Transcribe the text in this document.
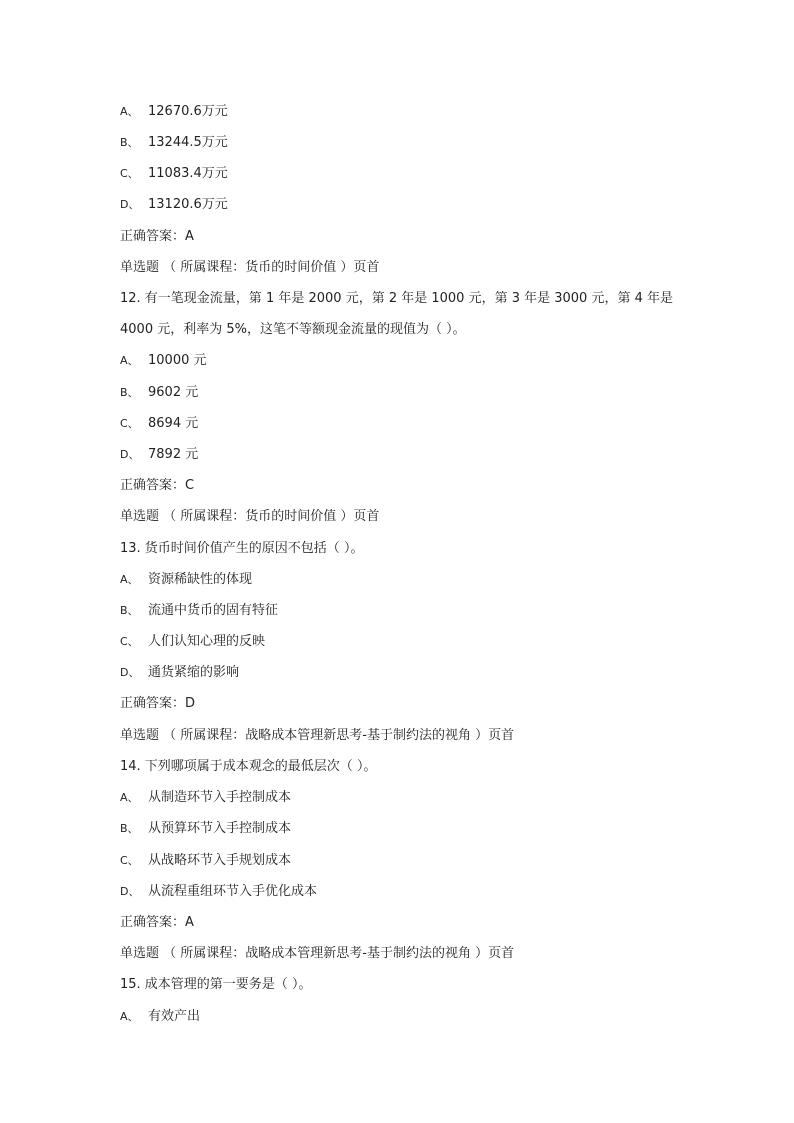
A、 12670.6万元
B、 13244.5万元
C、 11083.4万元
D、 13120.6万元
正确答案：A
单选题 （ 所属课程：货币的时间价值 ）页首
12. 有一笔现金流量，第 1 年是 2000 元，第 2 年是 1000 元，第 3 年是 3000 元，第 4 年是
4000 元，利率为 5%，这笔不等额现金流量的现值为（ ）。
A、 10000 元
B、 9602 元
C、 8694 元
D、 7892 元
正确答案：C
单选题 （ 所属课程：货币的时间价值 ）页首
13. 货币时间价值产生的原因不包括（ ）。
A、 资源稀缺性的体现
B、 流通中货币的固有特征
C、 人们认知心理的反映
D、 通货紧缩的影响
正确答案：D
单选题 （ 所属课程：战略成本管理新思考-基于制约法的视角 ）页首
14. 下列哪项属于成本观念的最低层次（ ）。
A、 从制造环节入手控制成本
B、 从预算环节入手控制成本
C、 从战略环节入手规划成本
D、 从流程重组环节入手优化成本
正确答案：A
单选题 （ 所属课程：战略成本管理新思考-基于制约法的视角 ）页首
15. 成本管理的第一要务是（ ）。
A、 有效产出
